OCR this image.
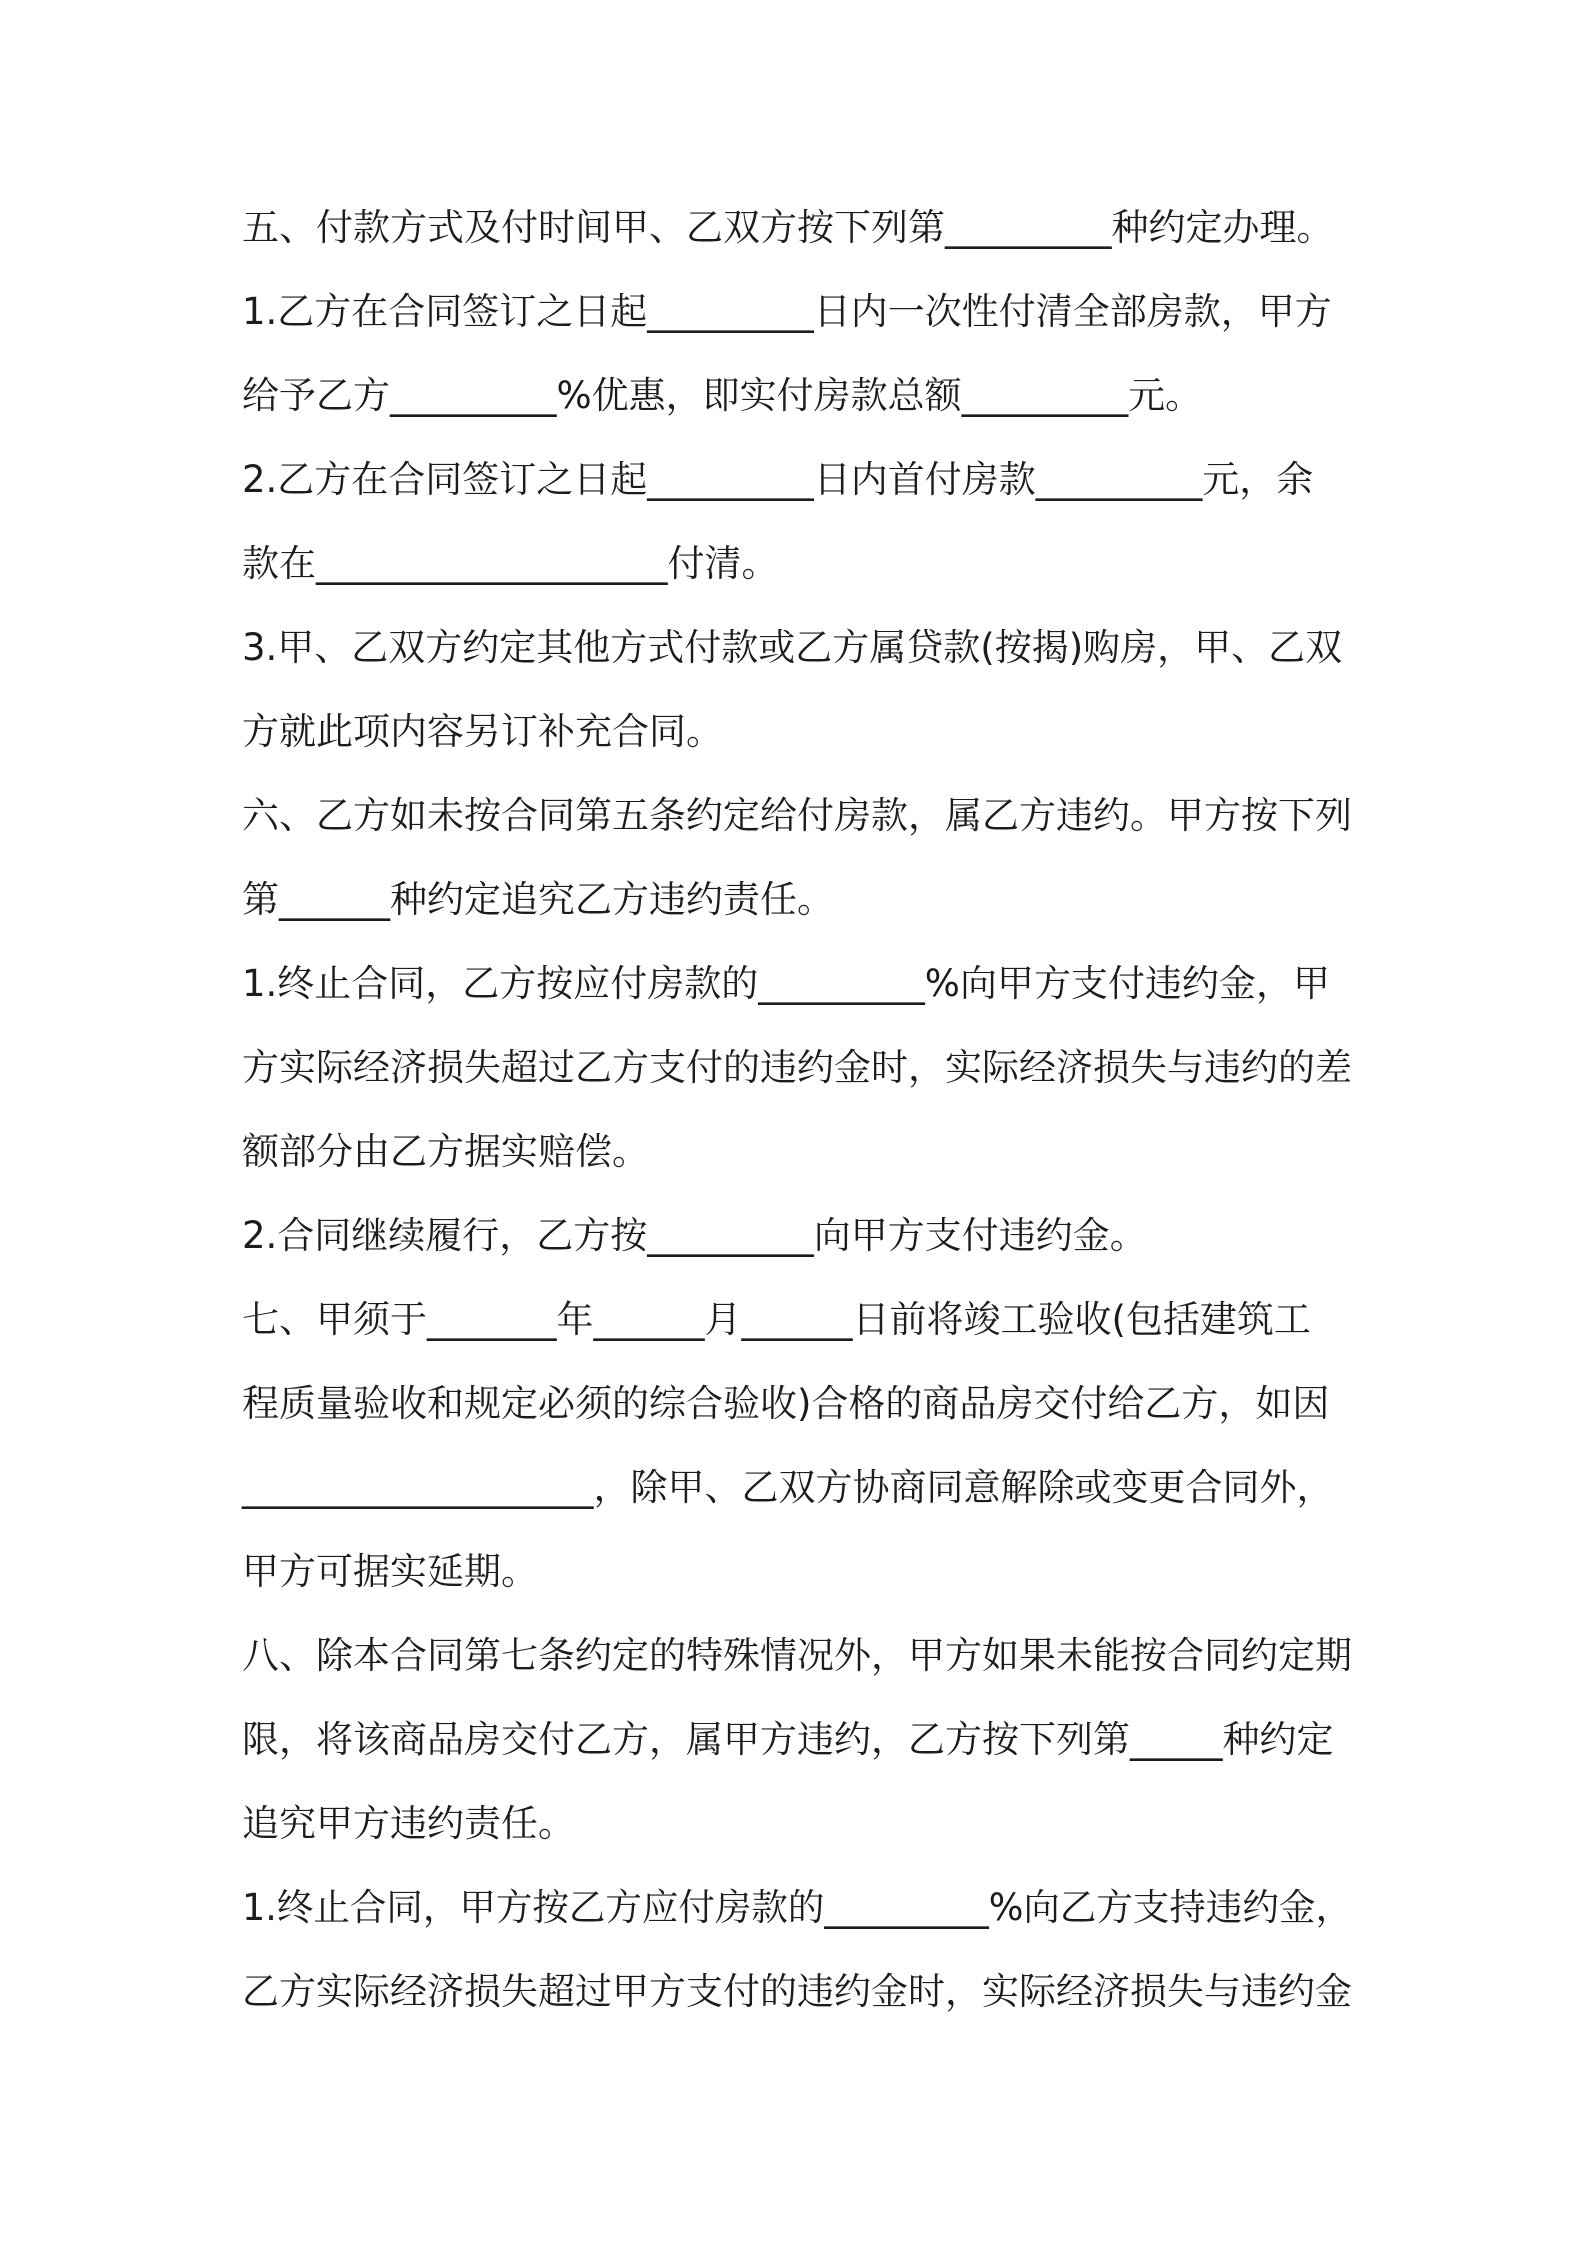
五、付款方式及付时间甲、乙双方按下列第_________种约定办理。
1.乙方在合同签订之日起_________日内一次性付清全部房款，甲方
给予乙方_________%优惠，即实付房款总额_________元。
2.乙方在合同签订之日起_________日内首付房款_________元，余
款在___________________付清。
3.甲、乙双方约定其他方式付款或乙方属贷款(按揭)购房，甲、乙双
方就此项内容另订补充合同。
六、乙方如未按合同第五条约定给付房款，属乙方违约。甲方按下列
第______种约定追究乙方违约责任。
1.终止合同，乙方按应付房款的_________%向甲方支付违约金，甲
方实际经济损失超过乙方支付的违约金时，实际经济损失与违约的差
额部分由乙方据实赔偿。
2.合同继续履行，乙方按_________向甲方支付违约金。
七、甲须于_______年______月______日前将竣工验收(包括建筑工
程质量验收和规定必须的综合验收)合格的商品房交付给乙方，如因
___________________，除甲、乙双方协商同意解除或变更合同外，
甲方可据实延期。
八、除本合同第七条约定的特殊情况外，甲方如果未能按合同约定期
限，将该商品房交付乙方，属甲方违约，乙方按下列第_____种约定
追究甲方违约责任。
1.终止合同，甲方按乙方应付房款的_________%向乙方支持违约金，
乙方实际经济损失超过甲方支付的违约金时，实际经济损失与违约金
